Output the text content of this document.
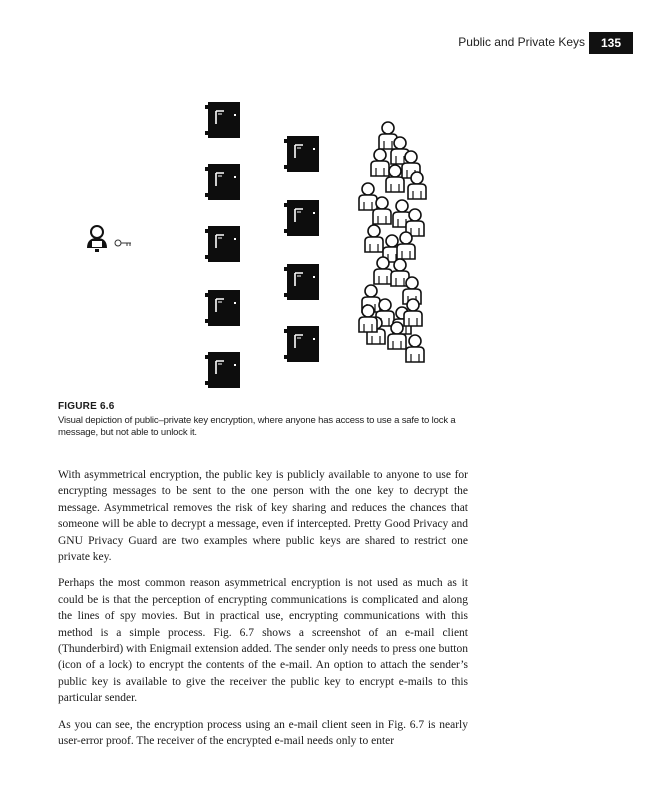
Public and Private Keys	135
FIGURE 6.6
Visual depiction of public–private key encryption, where anyone has access to use a safe to lock a message, but not able to unlock it.

With asymmetrical encryption, the public key is publicly available to anyone to use for encrypting messages to be sent to the one person with the one key to decrypt the message. Asymmetrical removes the risk of key sharing and reduces the chances that someone will be able to decrypt a message, even if intercepted. Pretty Good Privacy and GNU Privacy Guard are two examples where public keys are shared to restrict one private key.

Perhaps the most common reason asymmetrical encryption is not used as much as it could be is that the perception of encrypting communications is complicated and along the lines of spy movies. But in practical use, encrypting communications with this method is a simple process. Fig. 6.7 shows a screenshot of an e-mail client (Thunderbird) with Enigmail extension added. The sender only needs to press one button (icon of a lock) to encrypt the contents of the e-mail. An option to attach the sender’s public key is available to give the receiver the public key to encrypt e-mails to this particular sender.

As you can see, the encryption process using an e-mail client seen in Fig. 6.7 is nearly user-error proof. The receiver of the encrypted e-mail needs only to enter
